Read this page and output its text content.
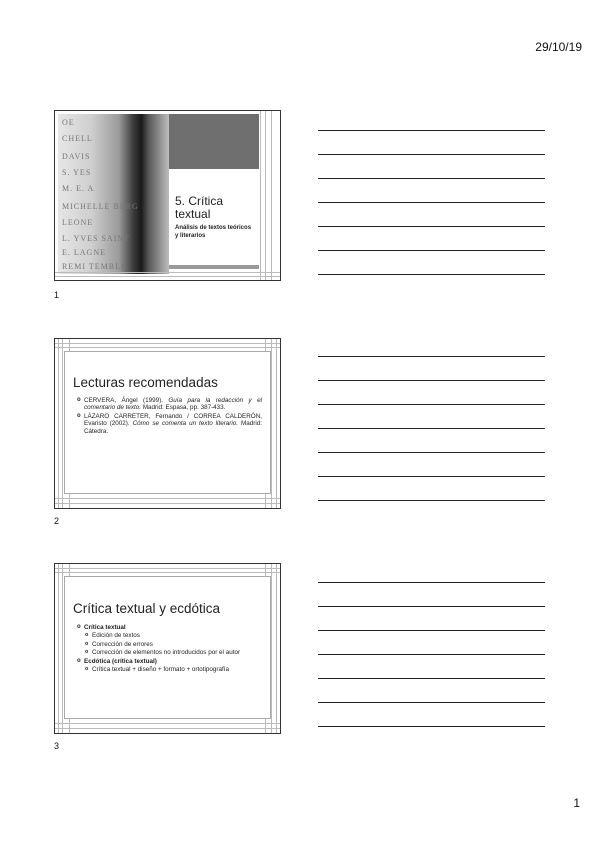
29/10/19
OE
CHELL
DAVIS
S. YES
M. E. A
MICHELLE BERG
LEONE
L. YVES SAINT
E. LAGNE
REMI TEMBLE
5. Crítica textual
Análisis de textos teóricos y literarios
1
Lecturas recomendadas
o CERVERA, Ángel (1999). Guía para la redacción y el comentario de texto. Madrid: Espasa, pp. 387-433.
o LÁZARO CARRETER, Fernando / CORREA CALDERÓN, Evaristo (2002). Cómo se comenta un texto literario. Madrid: Cátedra.
2
Crítica textual y ecdótica
o Crítica textual
o Edición de textos
o Corrección de errores
o Corrección de elementos no introducidos por el autor
o Ecdótica (crítica textual)
o Crítica textual + diseño + formato + ortotipografía
3
1
